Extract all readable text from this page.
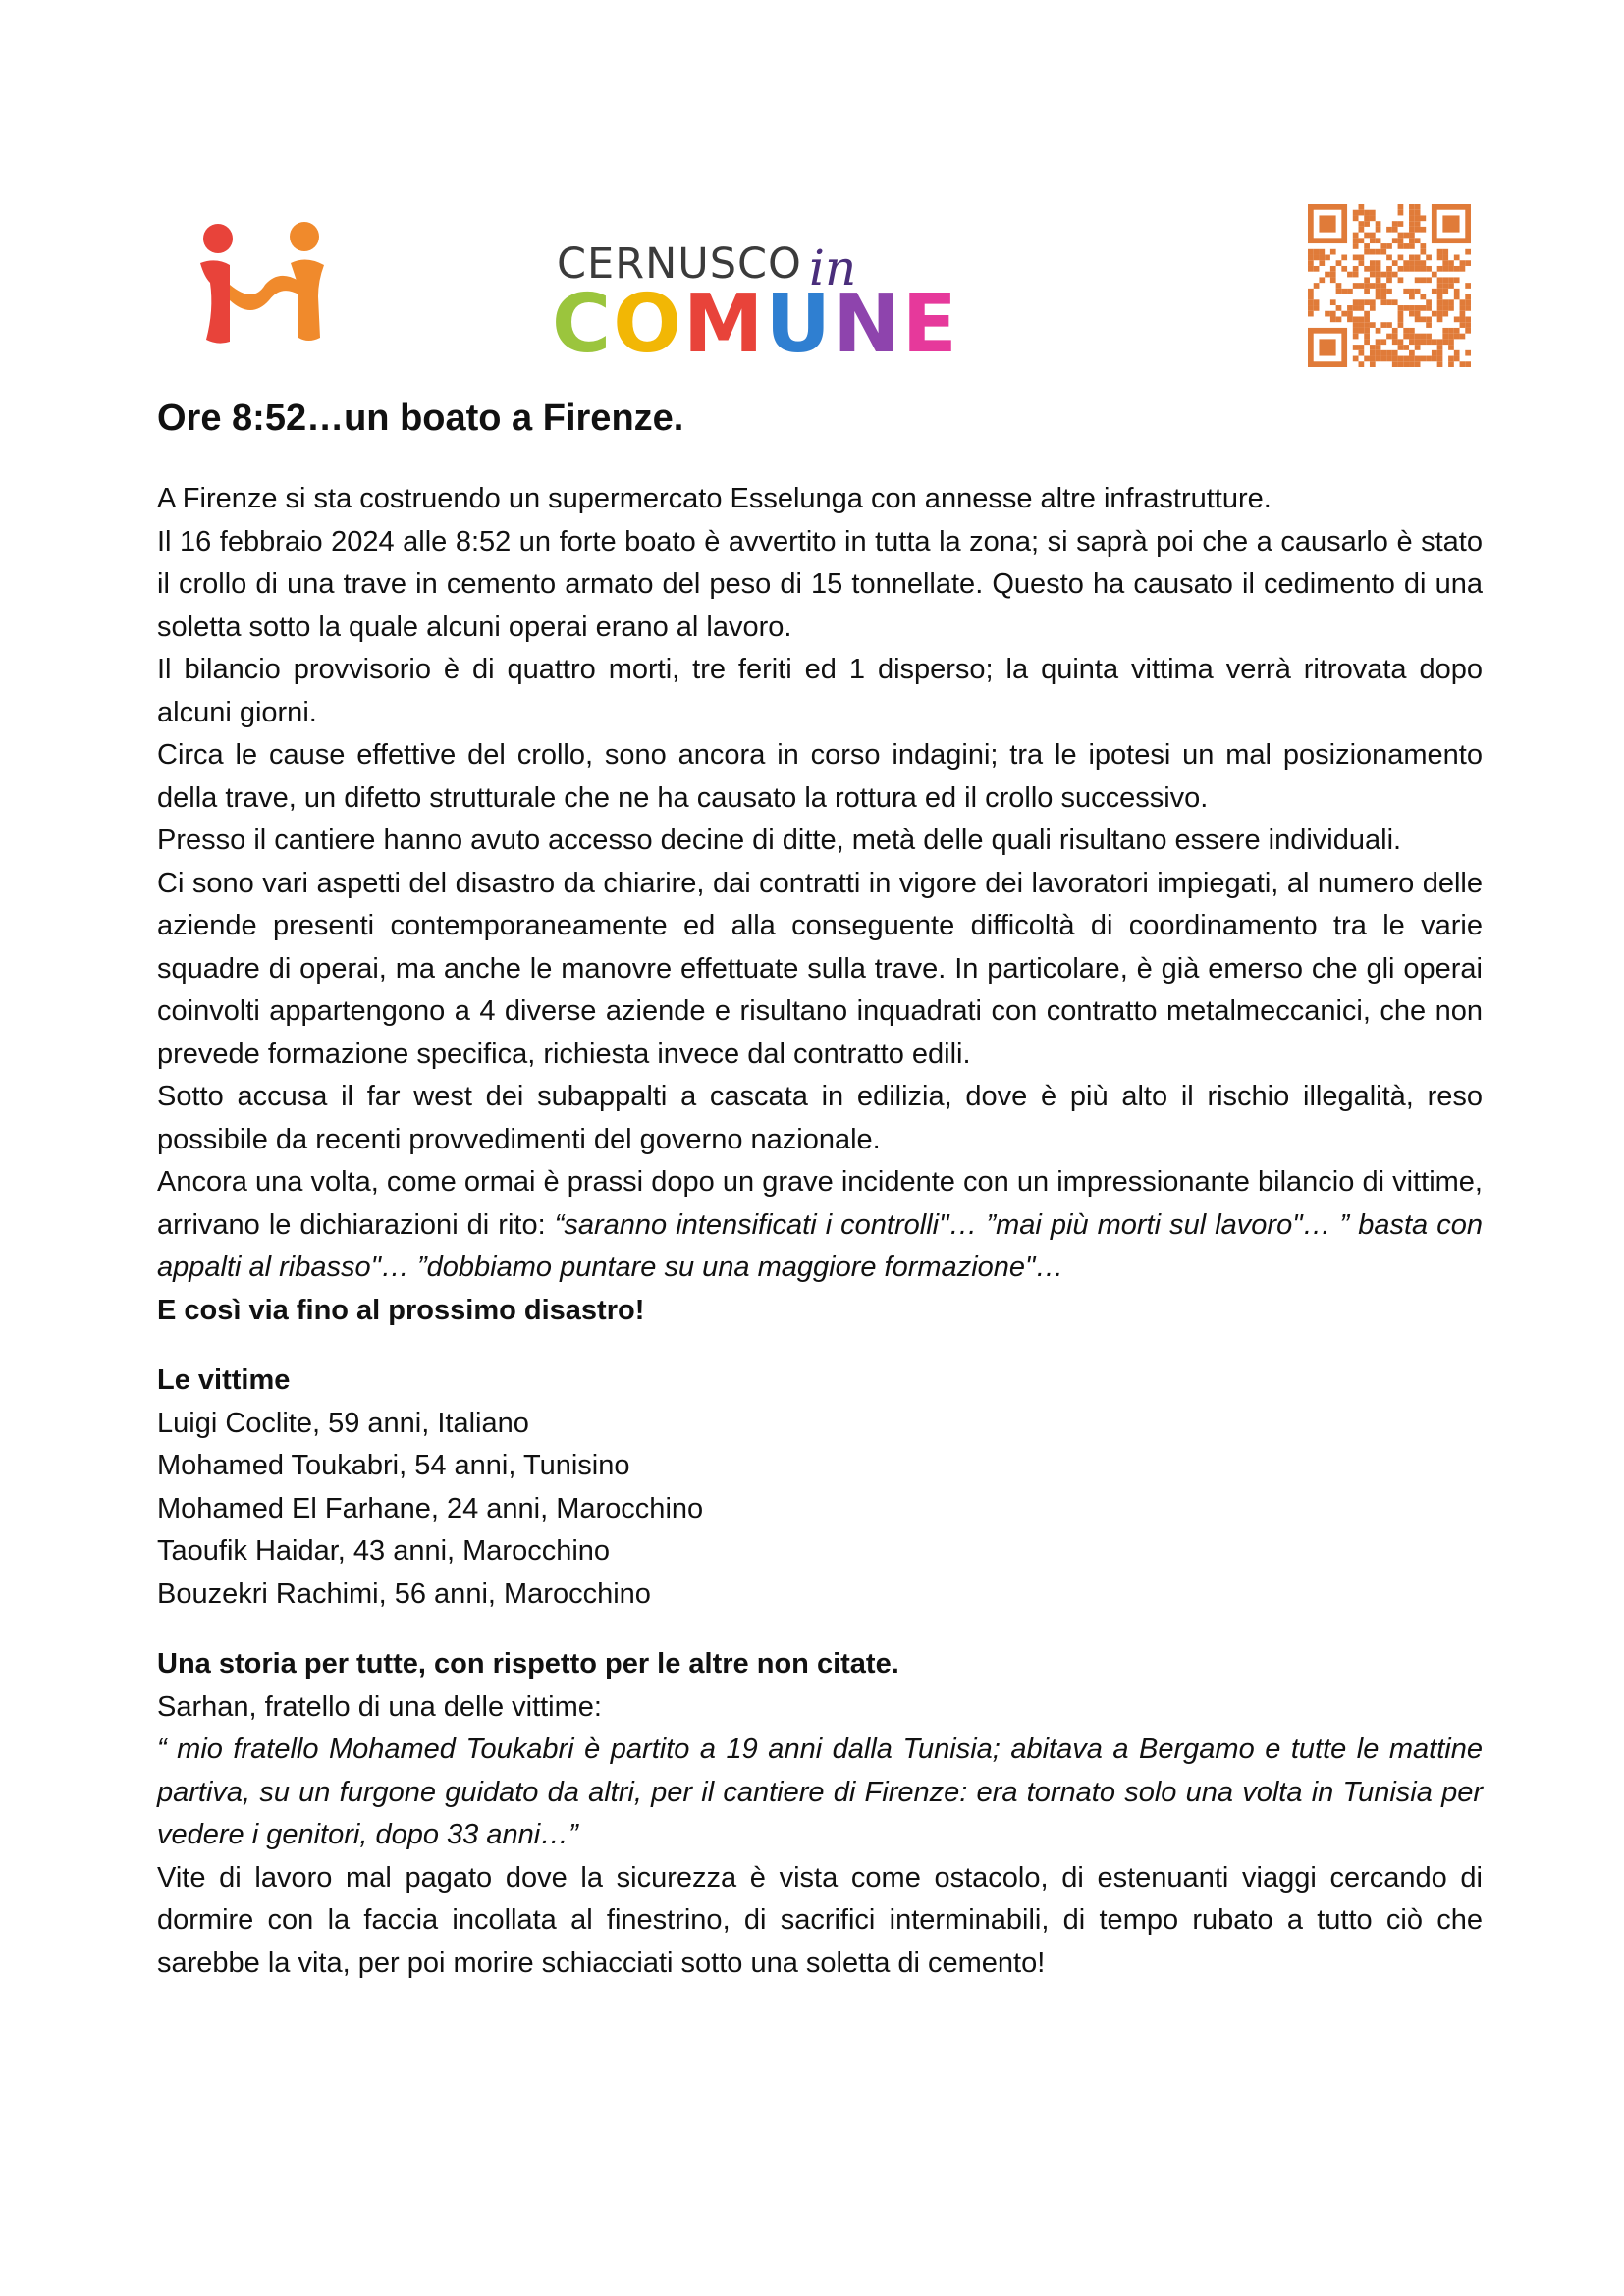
CERNUSCO in
COMUNE
Ore 8:52…un boato a Firenze.

A Firenze si sta costruendo un supermercato Esselunga con annesse altre infrastrutture.

Il 16 febbraio 2024 alle 8:52 un forte boato è avvertito in tutta la zona; si saprà poi che a causarlo è stato il crollo di una trave in cemento armato del peso di 15 tonnellate. Questo ha causato il cedimento di una soletta sotto la quale alcuni operai erano al lavoro.

Il bilancio provvisorio è di quattro morti, tre feriti ed 1 disperso; la quinta vittima verrà ritrovata dopo alcuni giorni.

Circa le cause effettive del crollo, sono ancora in corso indagini; tra le ipotesi un mal posizionamento della trave, un difetto strutturale che ne ha causato la rottura ed il crollo successivo.

Presso il cantiere hanno avuto accesso decine di ditte, metà delle quali risultano essere individuali.

Ci sono vari aspetti del disastro da chiarire, dai contratti in vigore dei lavoratori impiegati, al numero delle aziende presenti contemporaneamente ed alla conseguente difficoltà di coordinamento tra le varie squadre di operai, ma anche le manovre effettuate sulla trave. In particolare, è già emerso che gli operai coinvolti appartengono a 4 diverse aziende e risultano inquadrati con contratto metalmeccanici, che non prevede formazione specifica, richiesta invece dal contratto edili.

Sotto accusa il far west dei subappalti a cascata in edilizia, dove è più alto il rischio illegalità, reso possibile da recenti provvedimenti del governo nazionale.

Ancora una volta, come ormai è prassi dopo un grave incidente con un impressionante bilancio di vittime, arrivano le dichiarazioni di rito: “saranno intensificati i controlli"… ”mai più morti sul lavoro"… ” basta con appalti al ribasso"… ”dobbiamo puntare su una maggiore formazione"…

E così via fino al prossimo disastro!

Le vittime

Luigi Coclite, 59 anni, Italiano

Mohamed Toukabri, 54 anni, Tunisino

Mohamed El Farhane, 24 anni, Marocchino

Taoufik Haidar, 43 anni, Marocchino

Bouzekri Rachimi, 56 anni, Marocchino

Una storia per tutte, con rispetto per le altre non citate.

Sarhan, fratello di una delle vittime:

“ mio fratello Mohamed Toukabri è partito a 19 anni dalla Tunisia; abitava a Bergamo e tutte le mattine partiva, su un furgone guidato da altri, per il cantiere di Firenze: era tornato solo una volta in Tunisia per vedere i genitori, dopo 33 anni…”

Vite di lavoro mal pagato dove la sicurezza è vista come ostacolo, di estenuanti viaggi cercando di dormire con la faccia incollata al finestrino, di sacrifici interminabili, di tempo rubato a tutto ciò che sarebbe la vita, per poi morire schiacciati sotto una soletta di cemento!
